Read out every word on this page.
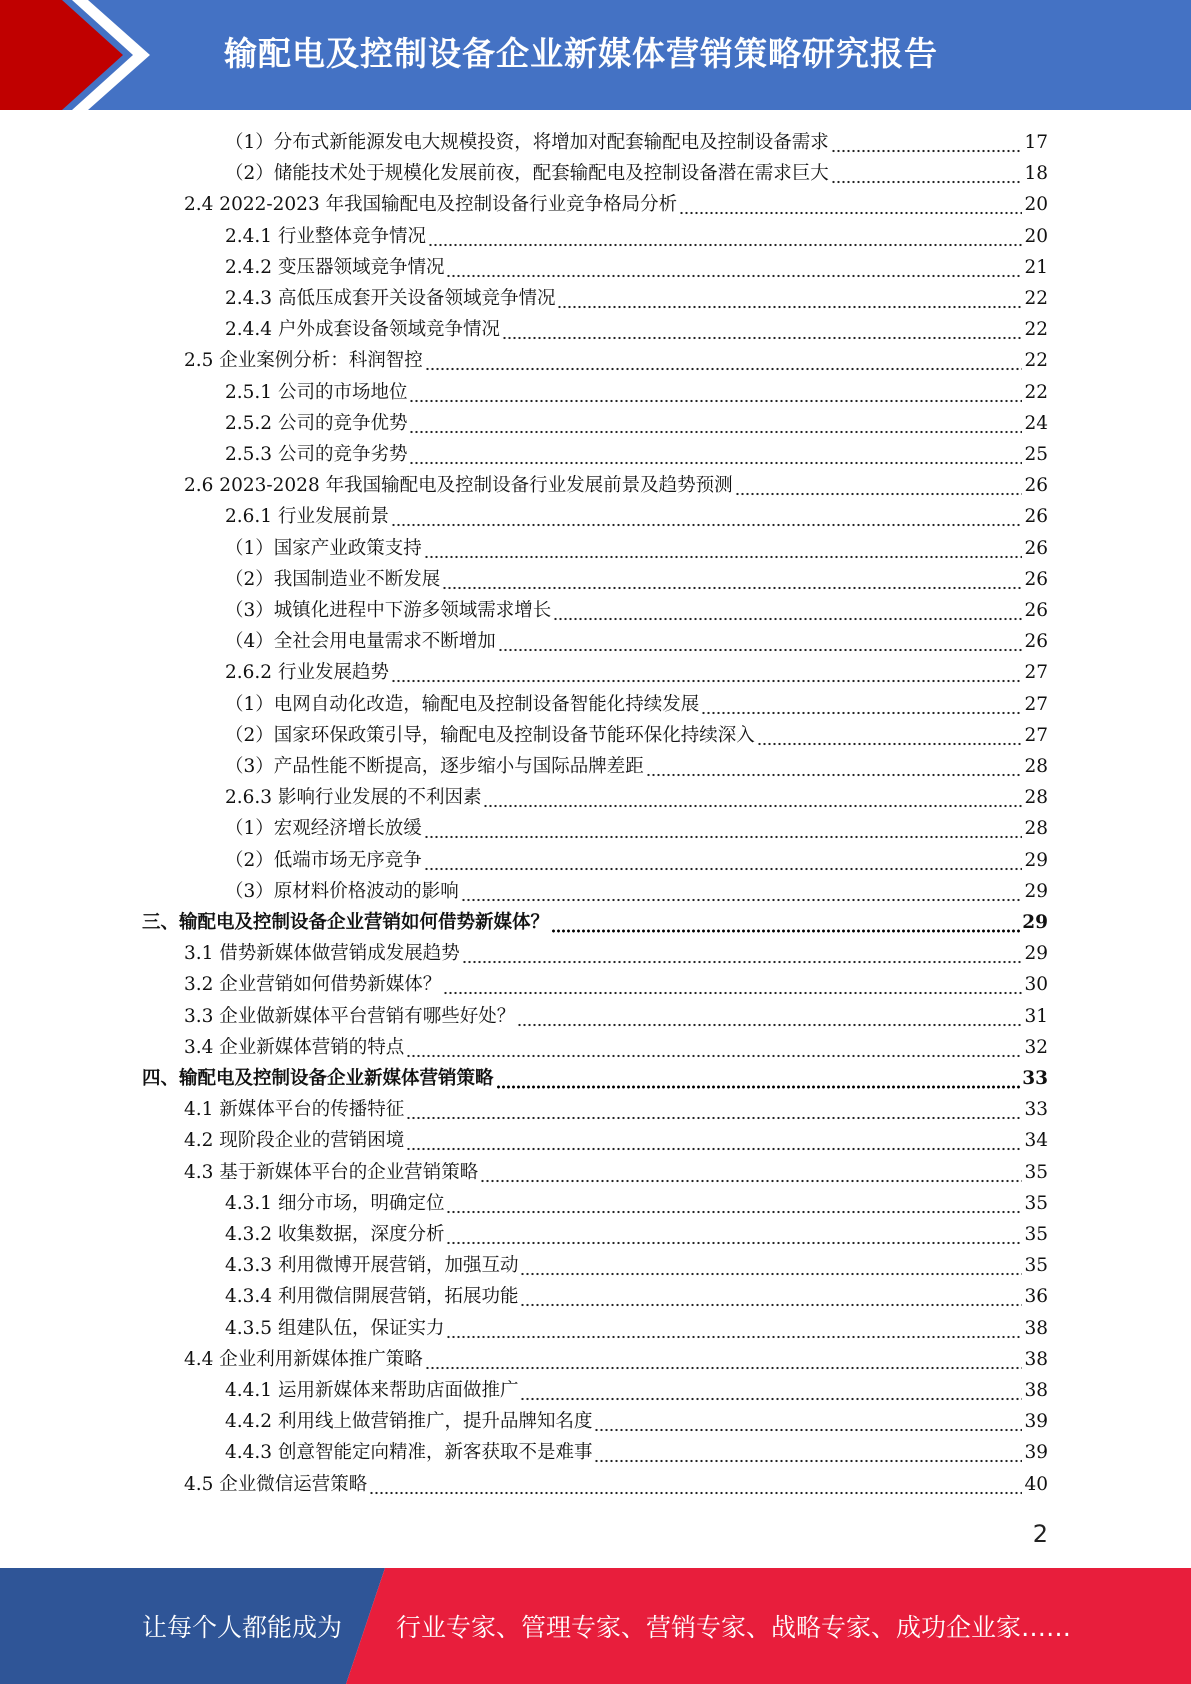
输配电及控制设备企业新媒体营销策略研究报告
（1）分布式新能源发电大规模投资，将增加对配套输配电及控制设备需求	17
（2）储能技术处于规模化发展前夜，配套输配电及控制设备潜在需求巨大	18
2.4 2022-2023 年我国输配电及控制设备行业竞争格局分析	20
2.4.1 行业整体竞争情况	20
2.4.2 变压器领域竞争情况	21
2.4.3 高低压成套开关设备领域竞争情况	22
2.4.4 户外成套设备领域竞争情况	22
2.5 企业案例分析：科润智控	22
2.5.1 公司的市场地位	22
2.5.2 公司的竞争优势	24
2.5.3 公司的竞争劣势	25
2.6 2023-2028 年我国输配电及控制设备行业发展前景及趋势预测	26
2.6.1 行业发展前景	26
（1）国家产业政策支持	26
（2）我国制造业不断发展	26
（3）城镇化进程中下游多领域需求增长	26
（4）全社会用电量需求不断增加	26
2.6.2 行业发展趋势	27
（1）电网自动化改造，输配电及控制设备智能化持续发展	27
（2）国家环保政策引导，输配电及控制设备节能环保化持续深入	27
（3）产品性能不断提高，逐步缩小与国际品牌差距	28
2.6.3 影响行业发展的不利因素	28
（1）宏观经济增长放缓	28
（2）低端市场无序竞争	29
（3）原材料价格波动的影响	29
三、输配电及控制设备企业营销如何借势新媒体？	29
3.1 借势新媒体做营销成发展趋势	29
3.2 企业营销如何借势新媒体？	30
3.3 企业做新媒体平台营销有哪些好处？	31
3.4 企业新媒体营销的特点	32
四、输配电及控制设备企业新媒体营销策略	33
4.1 新媒体平台的传播特征	33
4.2 现阶段企业的营销困境	34
4.3 基于新媒体平台的企业营销策略	35
4.3.1 细分市场，明确定位	35
4.3.2 收集数据，深度分析	35
4.3.3 利用微博开展营销，加强互动	35
4.3.4 利用微信開展营销，拓展功能	36
4.3.5 组建队伍，保证实力	38
4.4 企业利用新媒体推广策略	38
4.4.1 运用新媒体来帮助店面做推广	38
4.4.2 利用线上做营销推广，提升品牌知名度	39
4.4.3 创意智能定向精准，新客获取不是难事	39
4.5 企业微信运营策略	40
2
让每个人都能成为 行业专家、管理专家、营销专家、战略专家、成功企业家……
